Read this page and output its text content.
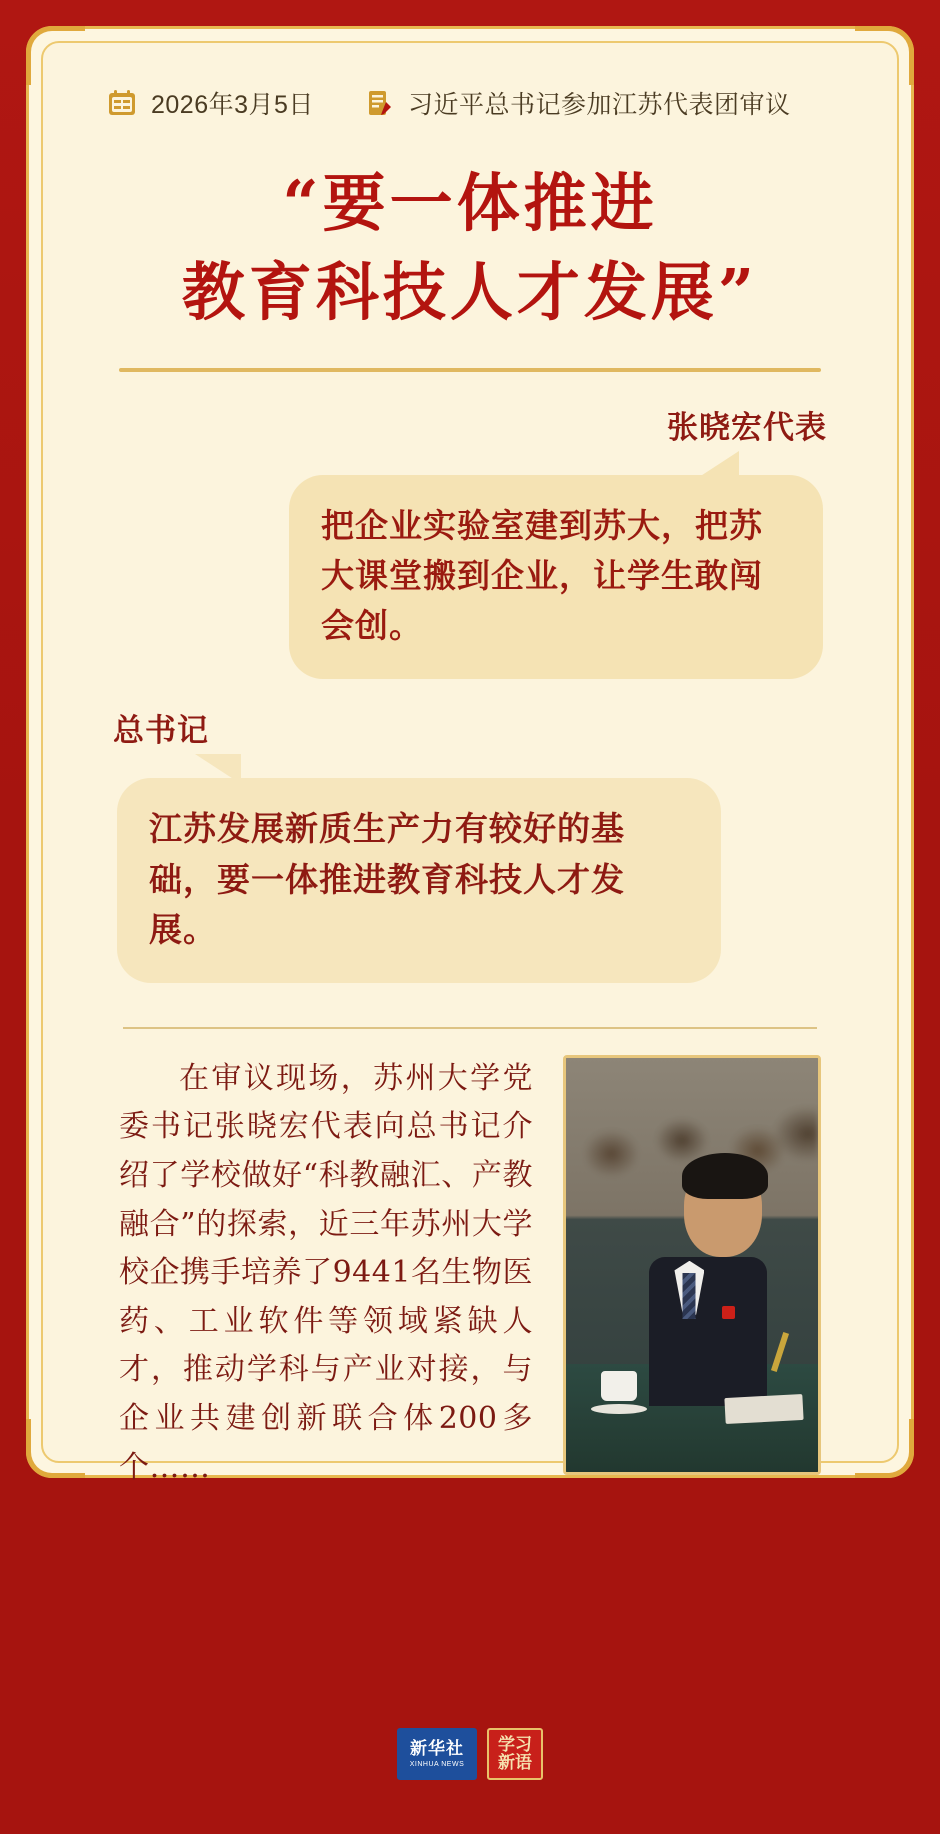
2026年3月5日	习近平总书记参加江苏代表团审议
“要一体推进
教育科技人才发展”
张晓宏代表
把企业实验室建到苏大，把苏大课堂搬到企业，让学生敢闯会创。
总书记
江苏发展新质生产力有较好的基础，要一体推进教育科技人才发展。
在审议现场，苏州大学党委书记张晓宏代表向总书记介绍了学校做好“科教融汇、产教融合”的探索，近三年苏州大学校企携手培养了9441名生物医药、工业软件等领域紧缺人才，推动学科与产业对接，与企业共建创新联合体200多个……
新华社
XINHUA NEWS
学习新语
